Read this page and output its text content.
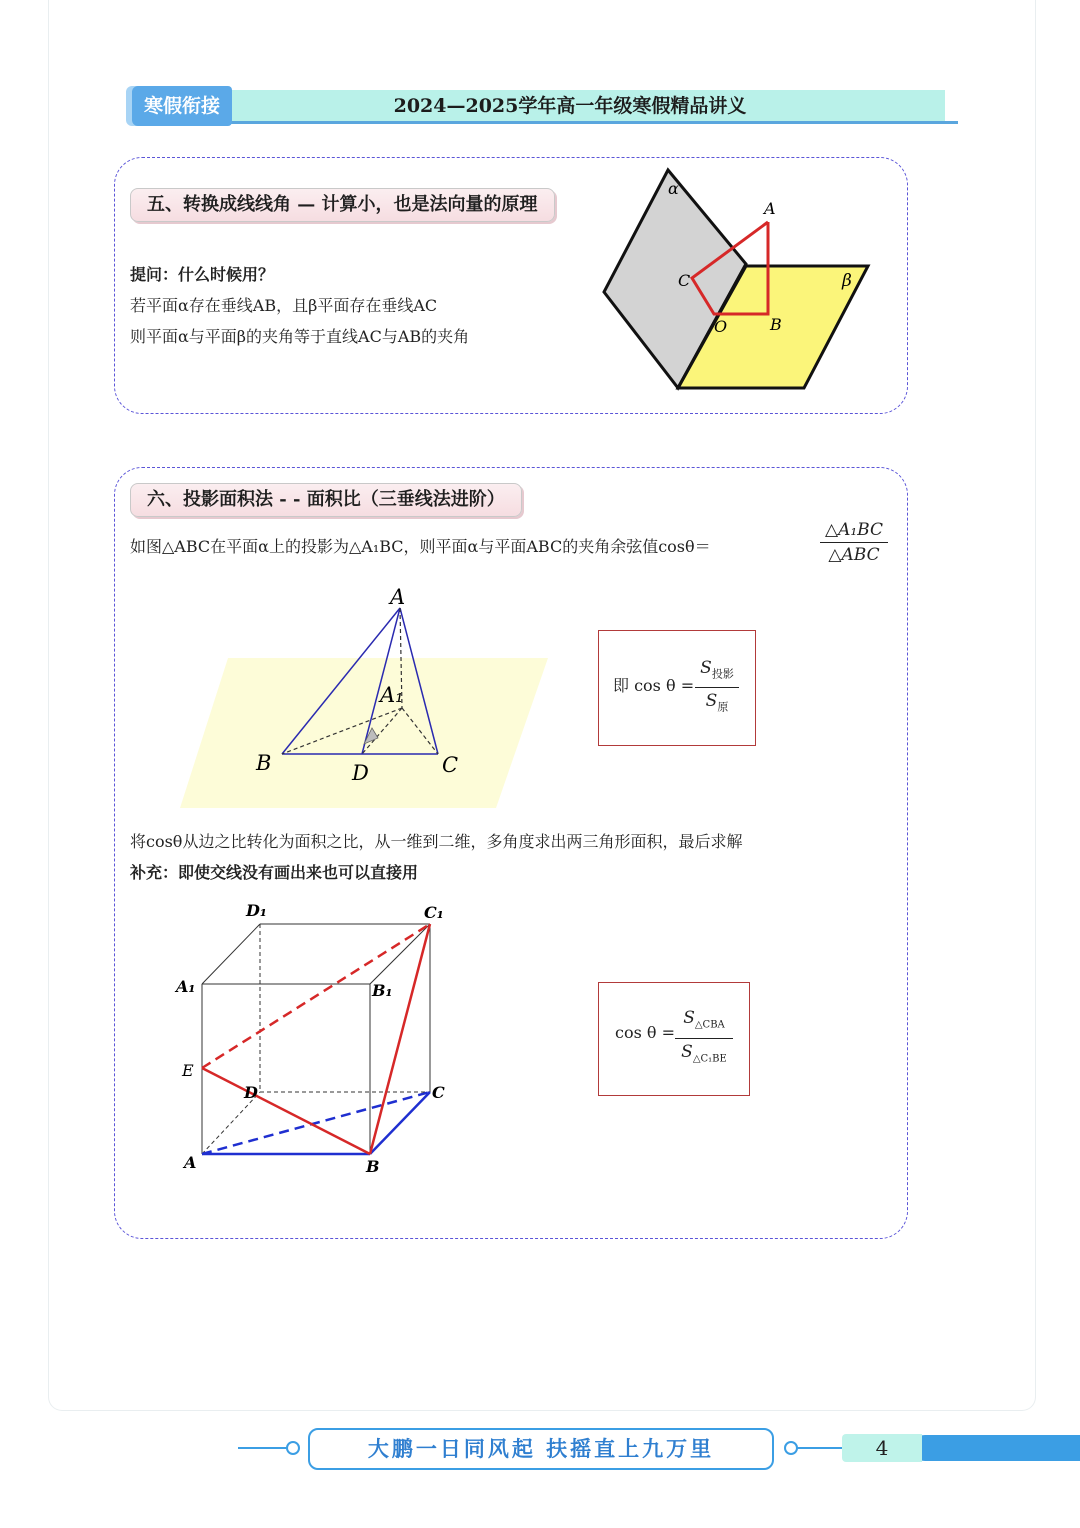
寒假衔接	2024—2025学年高一年级寒假精品讲义
五、转换成线线角 — 计算小，也是法向量的原理
提问：什么时候用？
若平面α存在垂线AB，且β平面存在垂线AC
则平面α与平面β的夹角等于直线AC与AB的夹角
α
β
A
C
O	B
六、投影面积法 - - 面积比（三垂线法进阶）
如图△ABC在平面α上的投影为△A₁BC，则平面α与平面ABC的夹角余弦值cosθ＝
△A₁BC
△ABC
A
A₁
B	D	C
即 cos θ =
$S_{投影}$
$S_原$
将cosθ从边之比转化为面积之比，从一维到二维，多角度求出两三角形面积，最后求解
补充：即使交线没有画出来也可以直接用
D₁	C₁
A₁	B₁
E
D	C
A	B
cos θ =
$S_{\triangle CBA}$
$S_{\triangle C_1BE}$
大鹏一日同风起 扶摇直上九万里	4
